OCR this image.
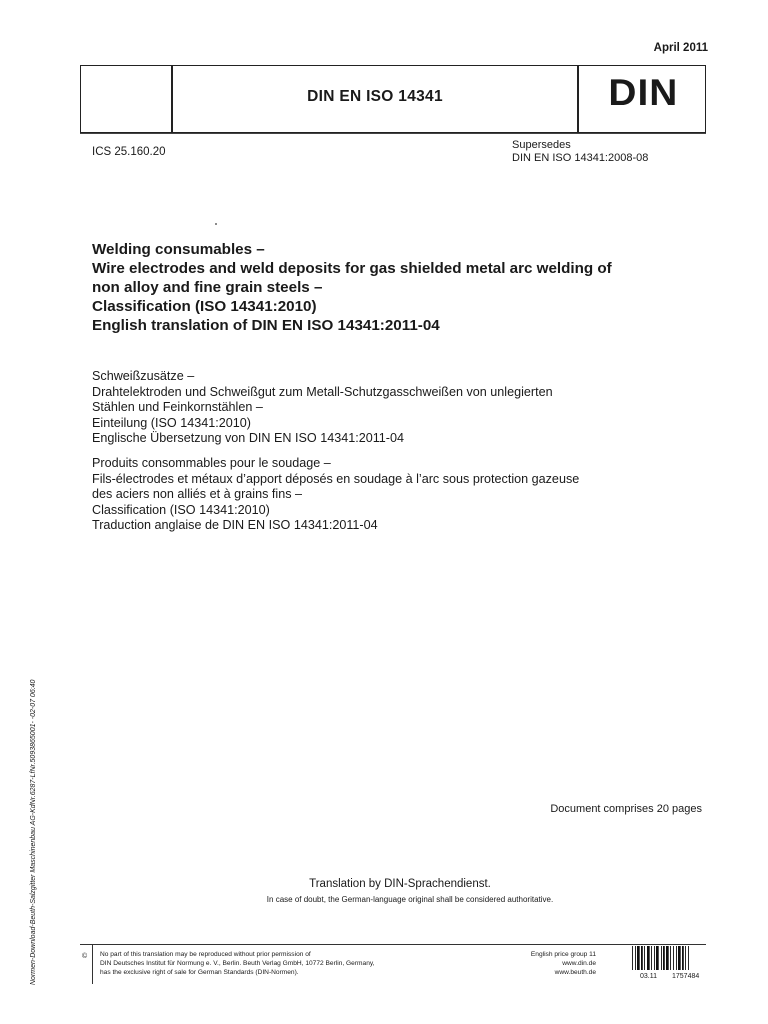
April 2011
DIN EN ISO 14341	DIN
ICS 25.160.20
Supersedes
DIN EN ISO 14341:2008-08
Welding consumables –
Wire electrodes and weld deposits for gas shielded metal arc welding of
non alloy and fine grain steels –
Classification (ISO 14341:2010)
English translation of DIN EN ISO 14341:2011-04
Schweißzusätze –
Drahtelektroden und Schweißgut zum Metall-Schutzgasschweißen von unlegierten
Stählen und Feinkornstählen –
Einteilung (ISO 14341:2010)
Englische Übersetzung von DIN EN ISO 14341:2011-04
Produits consommables pour le soudage –
Fils-électrodes et métaux d’apport déposés en soudage à l’arc sous protection gazeuse
des aciers non alliés et à grains fins –
Classification (ISO 14341:2010)
Traduction anglaise de DIN EN ISO 14341:2011-04
Document comprises 20 pages
Translation by DIN-Sprachendienst.
In case of doubt, the German-language original shall be considered authoritative.
Normen-Download-Beuth-Salzgitter Maschinenbau AG-KdNr.6287-LfNr.5093865001- -02-07 06:40	© No part of this translation may be reproduced without prior permission of
DIN Deutsches Institut für Normung e. V., Berlin. Beuth Verlag GmbH, 10772 Berlin, Germany,
has the exclusive right of sale for German Standards (DIN-Normen).
English price group 11
www.din.de
www.beuth.de
03.11 1757484
